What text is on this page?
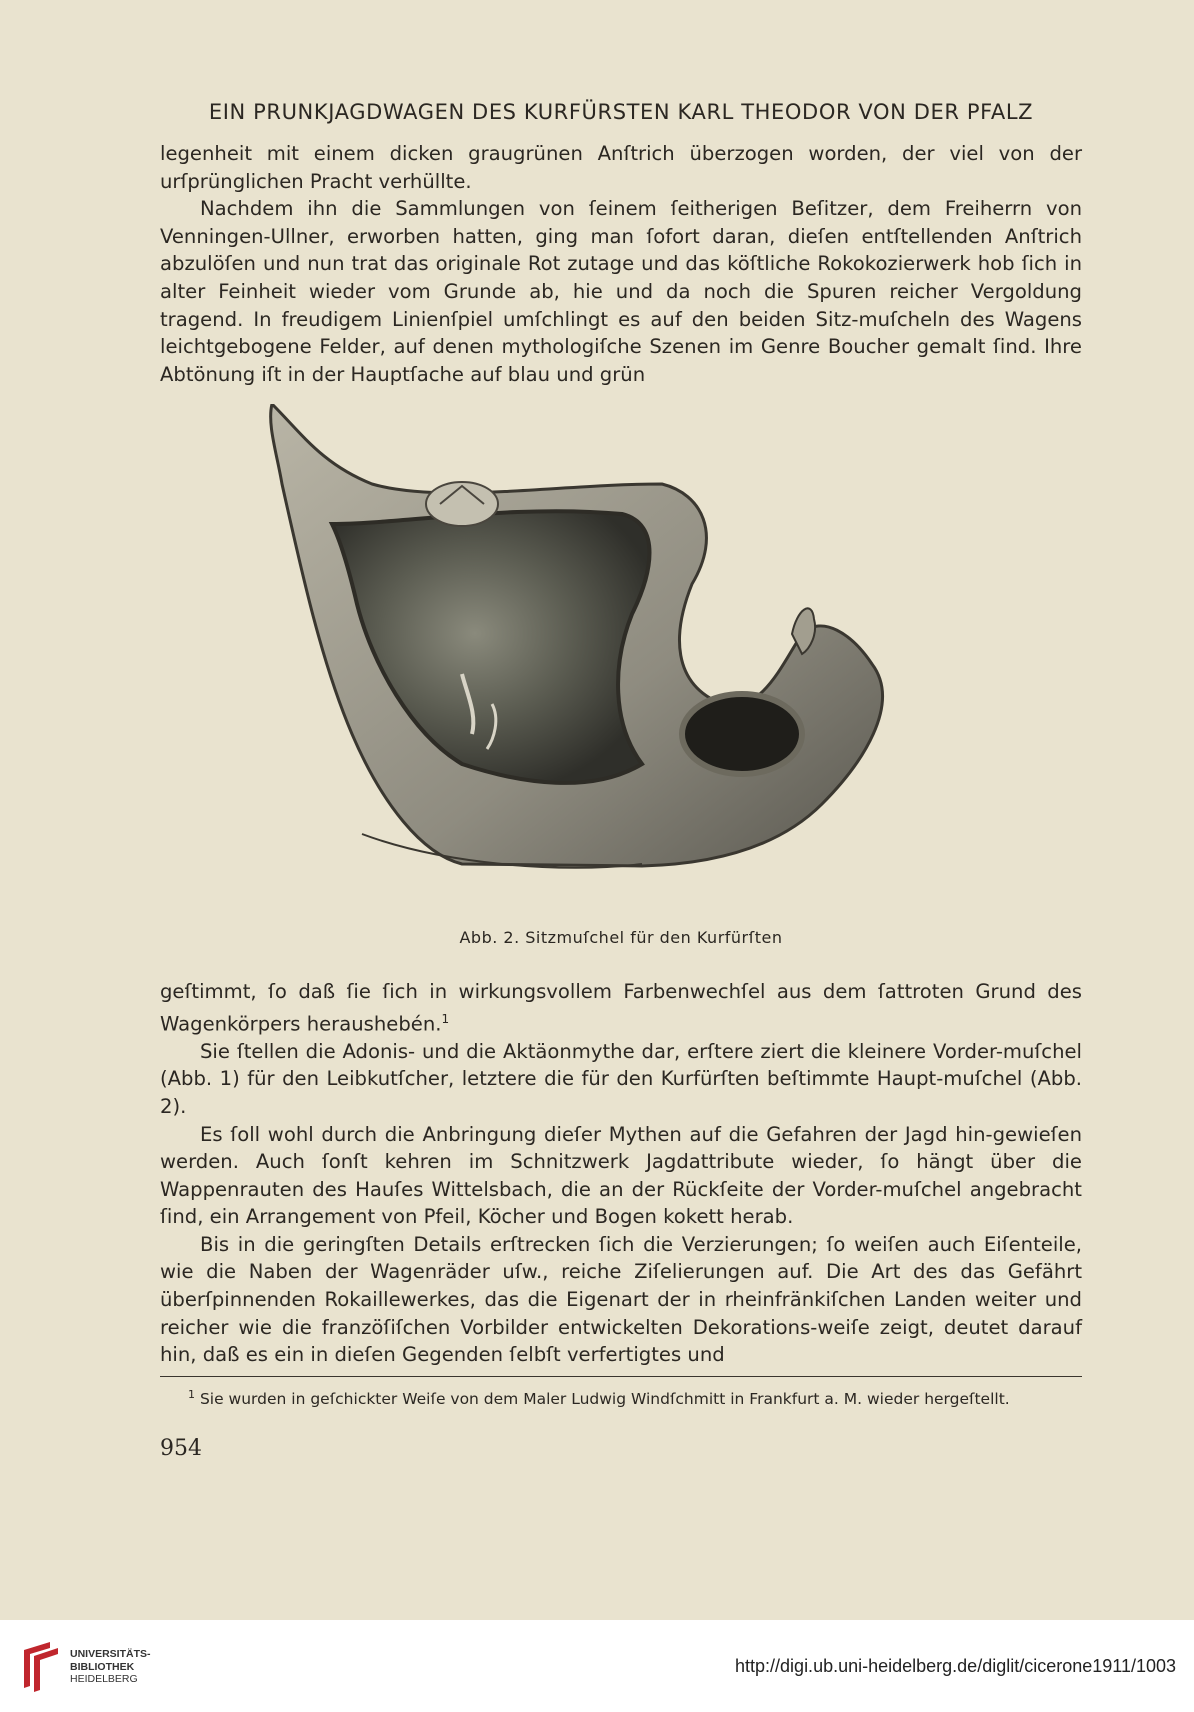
EIN PRUNKJAGDWAGEN DES KURFÜRSTEN KARL THEODOR VON DER PFALZ

legenheit mit einem dicken graugrünen Anſtrich überzogen worden, der viel von der urſprünglichen Pracht verhüllte.

Nachdem ihn die Sammlungen von ſeinem ſeitherigen Beſitzer, dem Freiherrn von Venningen-Ullner, erworben hatten, ging man ſofort daran, dieſen entſtellenden Anſtrich abzulöſen und nun trat das originale Rot zutage und das köſtliche Rokokozierwerk hob ſich in alter Feinheit wieder vom Grunde ab, hie und da noch die Spuren reicher Vergoldung tragend. In freudigem Linienſpiel umſchlingt es auf den beiden Sitz-muſcheln des Wagens leichtgebogene Felder, auf denen mythologiſche Szenen im Genre Boucher gemalt ſind. Ihre Abtönung iſt in der Hauptſache auf blau und grün

Abb. 2. Sitzmuſchel für den Kurfürſten

geſtimmt, ſo daß ſie ſich in wirkungsvollem Farbenwechſel aus dem ſattroten Grund des Wagenkörpers heraushebén.$^1$

Sie ſtellen die Adonis- und die Aktäonmythe dar, erſtere ziert die kleinere Vorder-muſchel (Abb. 1) für den Leibkutſcher, letztere die für den Kurfürſten beſtimmte Haupt-muſchel (Abb. 2).

Es ſoll wohl durch die Anbringung dieſer Mythen auf die Gefahren der Jagd hin-gewieſen werden. Auch ſonſt kehren im Schnitzwerk Jagdattribute wieder, ſo hängt über die Wappenrauten des Hauſes Wittelsbach, die an der Rückſeite der Vorder-muſchel angebracht ſind, ein Arrangement von Pfeil, Köcher und Bogen kokett herab.

Bis in die geringſten Details erſtrecken ſich die Verzierungen; ſo weiſen auch Eiſenteile, wie die Naben der Wagenräder uſw., reiche Ziſelierungen auf. Die Art des das Gefährt überſpinnenden Rokaillewerkes, das die Eigenart der in rheinfränkiſchen Landen weiter und reicher wie die franzöſiſchen Vorbilder entwickelten Dekorations-weiſe zeigt, deutet darauf hin, daß es ein in dieſen Gegenden ſelbſt verfertigtes und

$^1$ Sie wurden in geſchickter Weiſe von dem Maler Ludwig Windſchmitt in Frankfurt a. M. wieder hergeſtellt.
954
UNIVERSITÄTS-
BIBLIOTHEK
HEIDELBERG
http://digi.ub.uni-heidelberg.de/diglit/cicerone1911/1003
